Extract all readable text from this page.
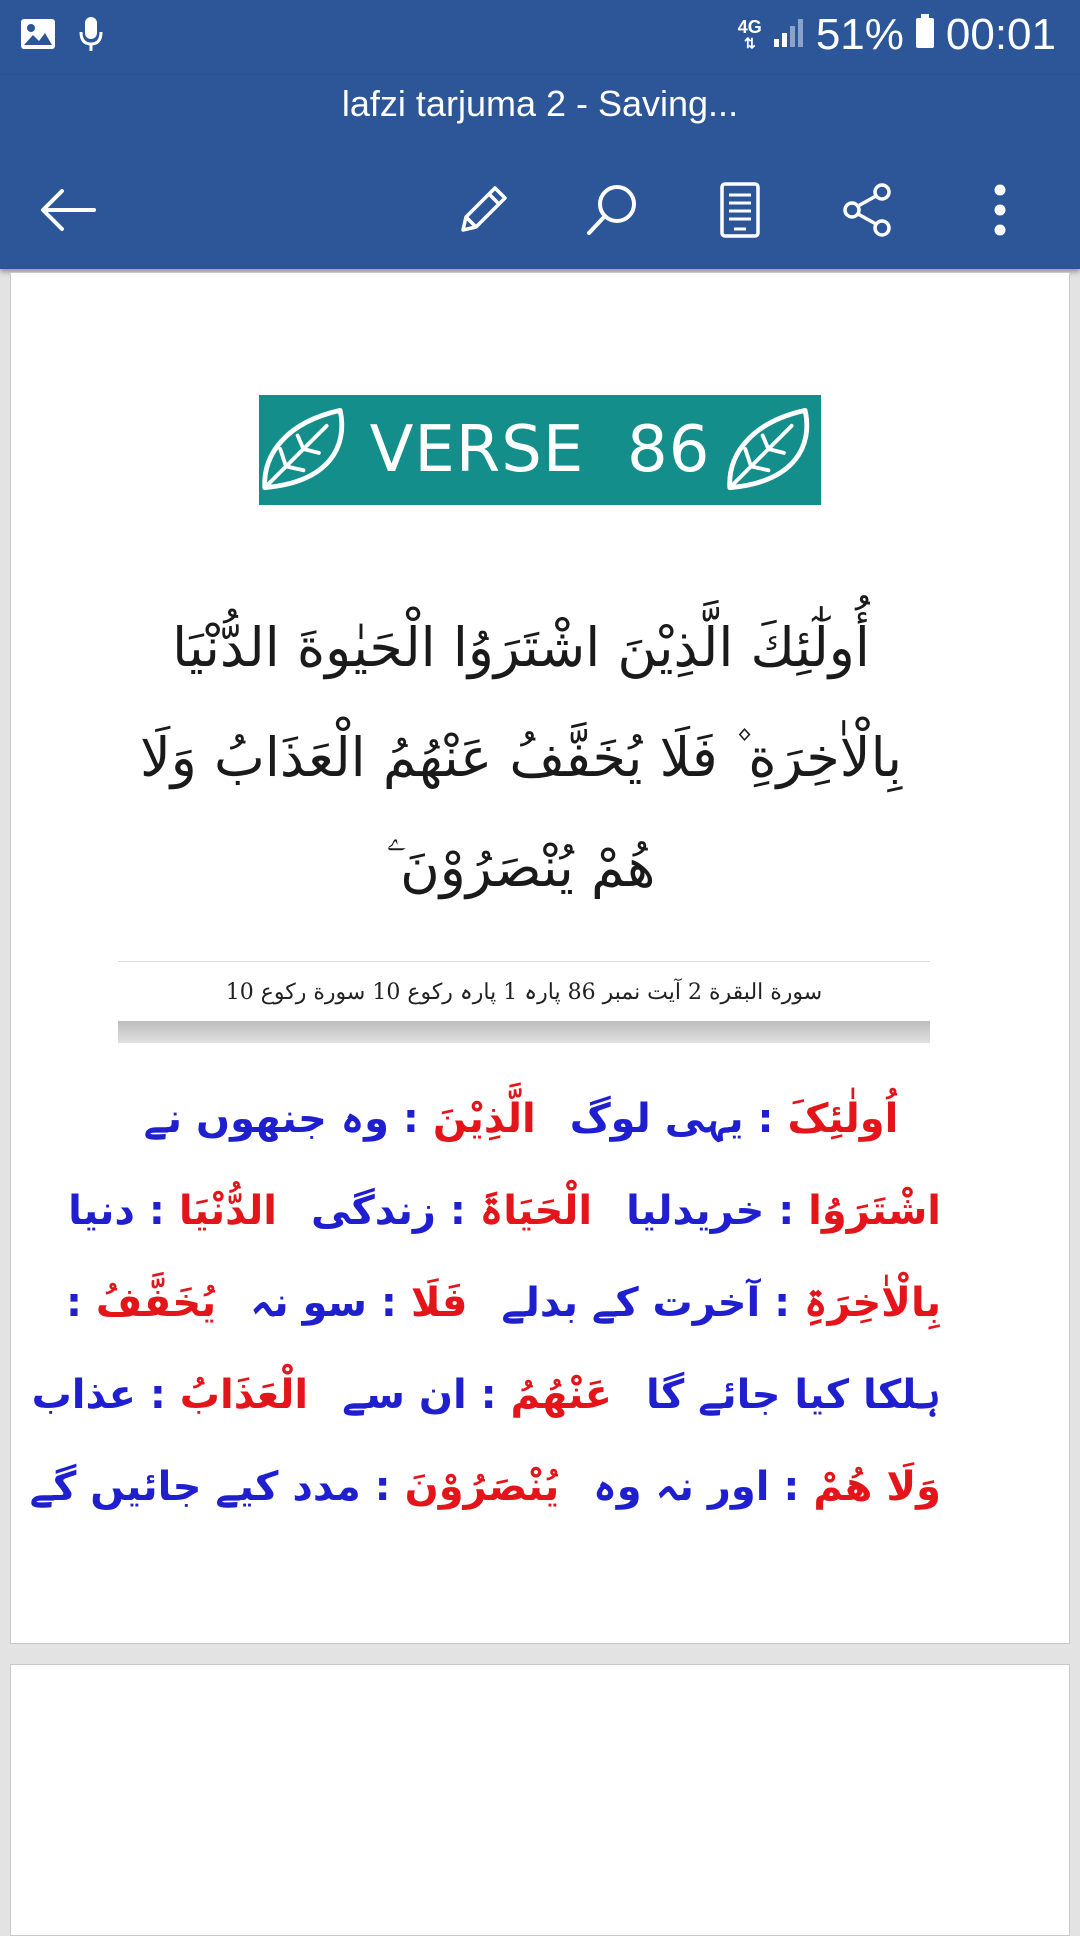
4G
⇅ 51% 00:01
lafzi tarjuma 2 - Saving...
VERSE  86
أُولٰٓئِكَ الَّذِيْنَ اشْتَرَوُا الْحَيٰوةَ الدُّنْيَا
بِالْاٰخِرَةِ ۫ فَلَا يُخَفَّفُ عَنْهُمُ الْعَذَابُ وَلَا
هُمْ يُنْصَرُوْنَ ۧ
سورة البقرة 2 آیت نمبر 86 پارہ 1 پارہ رکوع 10 سورة رکوع 10
اُولٰئِکَ : یہی لوگالَّذِیْنَ : وہ جنھوں نے
اشْتَرَوُا : خریدلیاالْحَیَاۃَ : زندگیالدُّنْیَا : دنیا
بِالْاٰخِرَۃِ : آخرت کے بدلےفَلَا : سو نہیُخَفَّفُ :
ہلکا کیا جائے گاعَنْھُمُ : ان سےالْعَذَابُ : عذاب
وَلَا هُمْ : اور نہ وہیُنْصَرُوْنَ : مدد کیے جائیں گے
